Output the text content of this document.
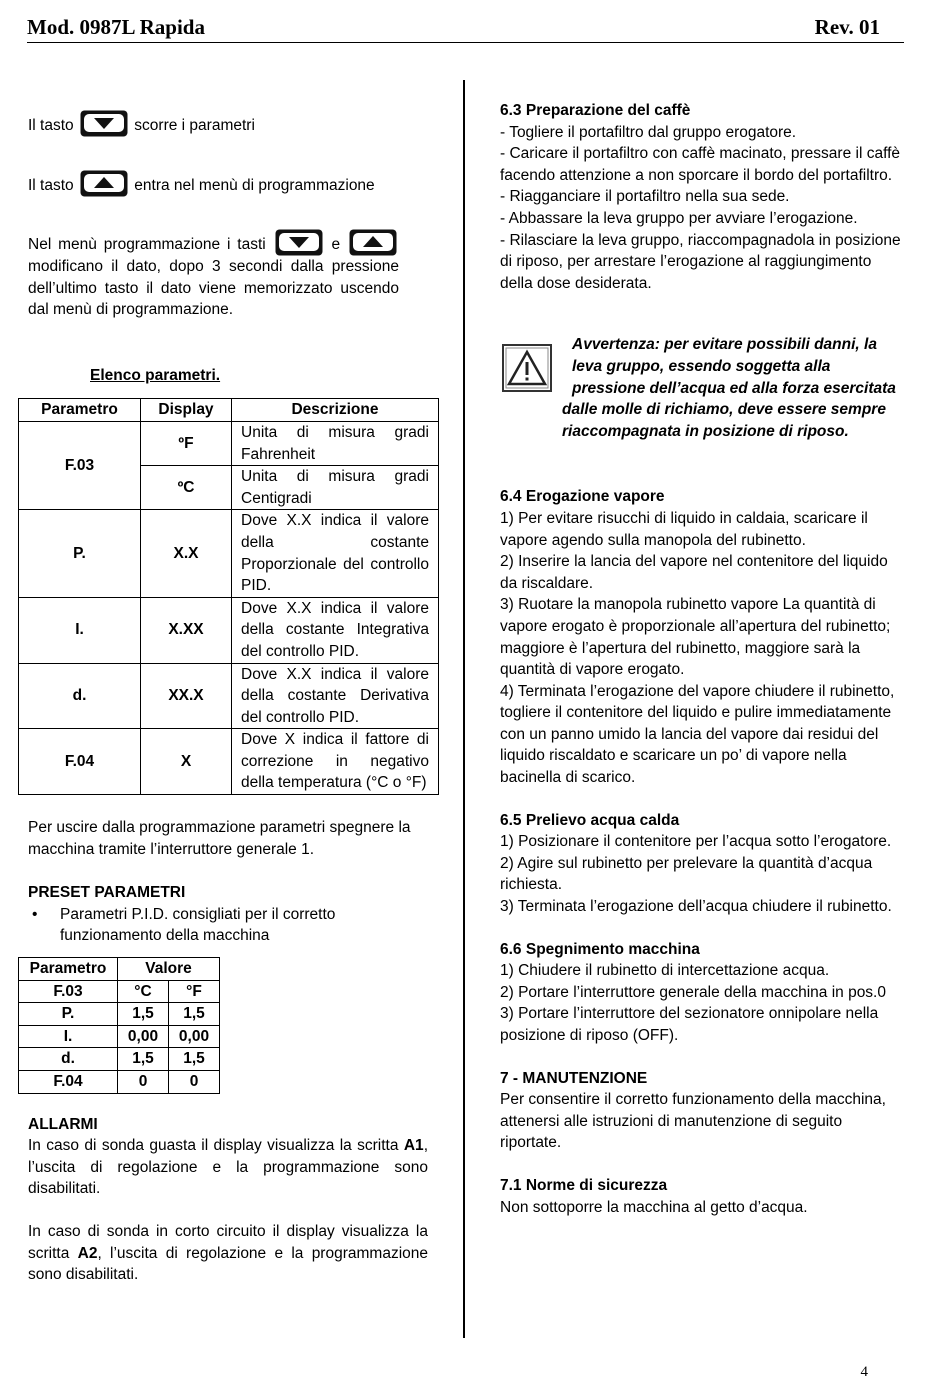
Mod. 0987L Rapida	Rev. 01

Il tasto	scorre i parametri

Il tasto	entra nel menù di programmazione

Nel menù programmazione i tasti	e
modificano il dato, dopo 3 secondi dalla pressione dell’ultimo tasto il dato viene memorizzato uscendo dal menù di programmazione.

Elenco parametri.

Parametro	Display	Descrizione
F.03	ºF	Unita di misura gradi Fahrenheit
	ºC	Unita di misura gradi Centigradi
P.	X.X	Dove X.X indica il valore della costante Proporzionale del controllo PID.
I.	X.XX	Dove X.X indica il valore della costante Integrativa del controllo PID.
d.	XX.X	Dove X.X indica il valore della costante Derivativa del controllo PID.
F.04	X	Dove X indica il fattore di correzione in negativo della temperatura (°C o °F)

Per uscire dalla programmazione parametri spegnere la macchina tramite l’interruttore generale 1.

PRESET PARAMETRI

• Parametri P.I.D. consigliati per il corretto funzionamento della macchina
Parametro	Valore	
F.03	°C	°F
P.	1,5	1,5
I.	0,00	0,00
d.	1,5	1,5
F.04	0	0

ALLARMI

In caso di sonda guasta il display visualizza la scritta A1, l’uscita di regolazione e la programmazione sono disabilitati.

In caso di sonda in corto circuito il display visualizza la scritta A2, l’uscita di regolazione e la programmazione sono disabilitati.

6.3 Preparazione del caffè

- Togliere il portafiltro dal gruppo erogatore.

- Caricare il portafiltro con caffè macinato, pressare il caffè facendo attenzione a non sporcare il bordo del portafiltro.

- Riagganciare il portafiltro nella sua sede.

- Abbassare la leva gruppo per avviare l’erogazione.

- Rilasciare la leva gruppo, riaccompagnadola in posizione di riposo, per arrestare l’erogazione al raggiungimento della dose desiderata.

Avvertenza: per evitare possibili danni, la
leva gruppo, essendo soggetta alla
pressione dell’acqua ed alla forza esercitata
dalle molle di richiamo, deve essere sempre
riaccompagnata in posizione di riposo.

6.4 Erogazione vapore

1) Per evitare risucchi di liquido in caldaia, scaricare il vapore agendo sulla manopola del rubinetto.

2) Inserire la lancia del vapore nel contenitore del liquido da riscaldare.

3) Ruotare la manopola rubinetto vapore La quantità di vapore erogato è proporzionale all’apertura del rubinetto; maggiore è l’apertura del rubinetto, maggiore sarà la quantità di vapore erogato.

4) Terminata l’erogazione del vapore chiudere il rubinetto, togliere il contenitore del liquido e pulire immediatamente con un panno umido la lancia del vapore dai residui del liquido riscaldato e scaricare un po’ di vapore nella bacinella di scarico.

6.5 Prelievo acqua calda

1) Posizionare il contenitore per l’acqua sotto l’erogatore.

2) Agire sul rubinetto per prelevare la quantità d’acqua richiesta.

3) Terminata l’erogazione dell’acqua chiudere il rubinetto.

6.6 Spegnimento macchina

1) Chiudere il rubinetto di intercettazione acqua.

2) Portare l’interruttore generale della macchina in pos.0

3) Portare l’interruttore del sezionatore onnipolare nella posizione di riposo (OFF).

7 - MANUTENZIONE

Per consentire il corretto funzionamento della macchina, attenersi alle istruzioni di manutenzione di seguito riportate.

7.1 Norme di sicurezza

Non sottoporre la macchina al getto d’acqua.

4
